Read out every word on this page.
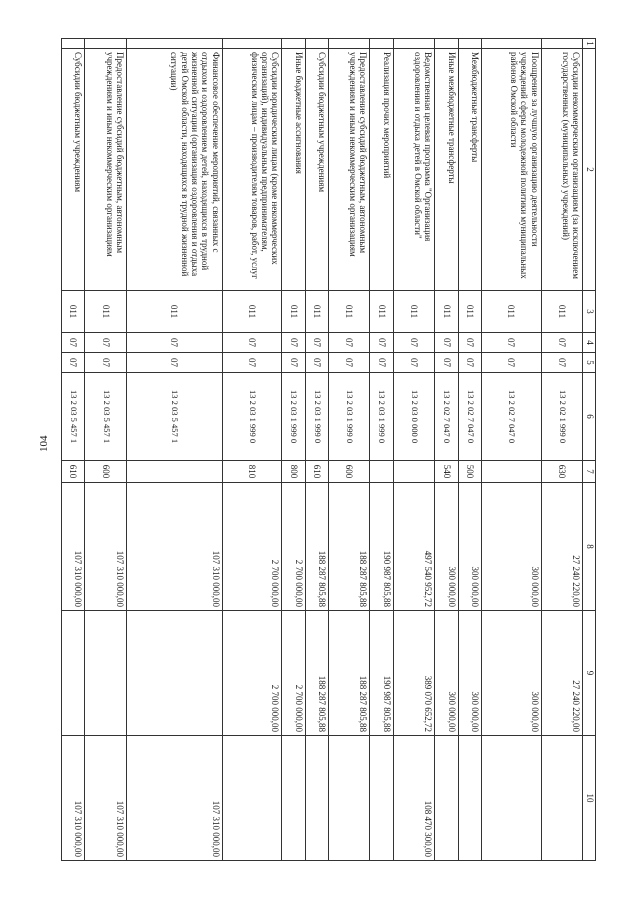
104
1	2	3	4	5	6	7	8	9	10
	Субсидии некоммерческим организациям (за исключением государственных (муниципальных) учреждений)	011	07	07	13 2 02 1 999 0	630	27 240 220,00	27 240 220,00	
	Поощрение за лучшую организацию деятельности учреждений сферы молодежной политики муниципальных районов Омской области	011	07	07	13 2 02 7 047 0		300 000,00	300 000,00	
	Межбюджетные трансферты	011	07	07	13 2 02 7 047 0	500	300 000,00	300 000,00	
	Иные межбюджетные трансферты	011	07	07	13 2 02 7 047 0	540	300 000,00	300 000,00	
	Ведомственная целевая программа "Организация оздоровления и отдыха детей в Омской области"	011	07	07	13 2 03 0 000 0		497 540 952,72	389 070 652,72	108 470 300,00
	Реализация прочих мероприятий	011	07	07	13 2 03 1 999 0		190 987 805,88	190 987 805,88	
	Предоставление субсидий бюджетным, автономным учреждениям и иным некоммерческим организациям	011	07	07	13 2 03 1 999 0	600	188 287 805,88	188 287 805,88	
	Субсидии бюджетным учреждениям	011	07	07	13 2 03 1 999 0	610	188 287 805,88	188 287 805,88	
	Иные бюджетные ассигнования	011	07	07	13 2 03 1 999 0	800	2 700 000,00	2 700 000,00	
	Субсидии юридическим лицам (кроме некоммерческих организаций), индивидуальным предпринимателям, физическим лицам – производителям товаров, работ, услуг	011	07	07	13 2 03 1 999 0	810	2 700 000,00	2 700 000,00	
	Финансовое обеспечение мероприятий, связанных с отдыхом и оздоровлением детей, находящихся в трудной жизненной ситуации (организация оздоровления и отдыха детей Омской области, находящихся в трудной жизненной ситуации)	011	07	07	13 2 03 5 457 1		107 310 000,00		107 310 000,00
	Предоставление субсидий бюджетным, автономным учреждениям и иным некоммерческим организациям	011	07	07	13 2 03 5 457 1	600	107 310 000,00		107 310 000,00
	Субсидии бюджетным учреждениям	011	07	07	13 2 03 5 457 1	610	107 310 000,00		107 310 000,00
